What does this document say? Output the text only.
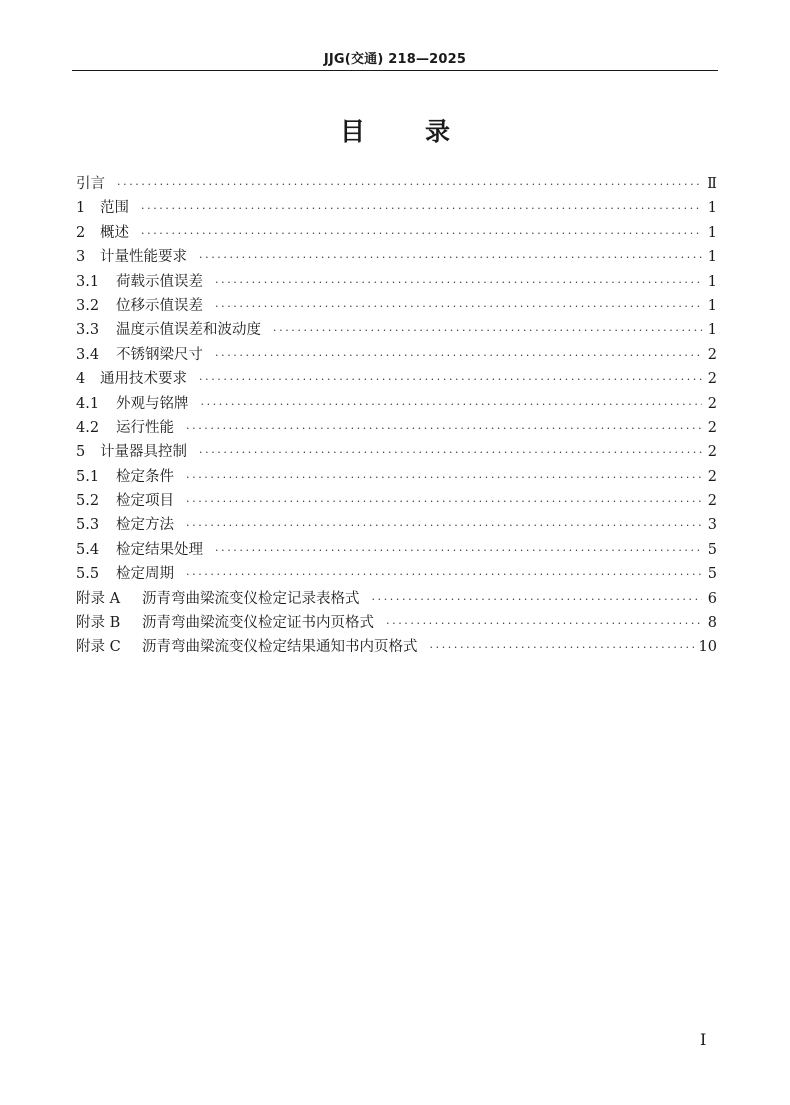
JJG(交通) 218—2025
目 录
引言 ·····	Ⅱ
1	范围 ·····	1
2	概述 ·····	1
3	计量性能要求 ·····	1
3.1	荷载示值误差 ·····	1
3.2	位移示值误差 ·····	1
3.3	温度示值误差和波动度 ·····	1
3.4	不锈钢梁尺寸 ·····	2
4	通用技术要求 ·····	2
4.1	外观与铭牌 ·····	2
4.2	运行性能 ·····	2
5	计量器具控制 ·····	2
5.1	检定条件 ·····	2
5.2	检定项目 ·····	2
5.3	检定方法 ·····	3
5.4	检定结果处理 ·····	5
5.5	检定周期 ·····	5
附录 A	沥青弯曲梁流变仪检定记录表格式 ·····	6
附录 B	沥青弯曲梁流变仪检定证书内页格式 ·····	8
附录 C	沥青弯曲梁流变仪检定结果通知书内页格式 ·····	10
Ⅰ
